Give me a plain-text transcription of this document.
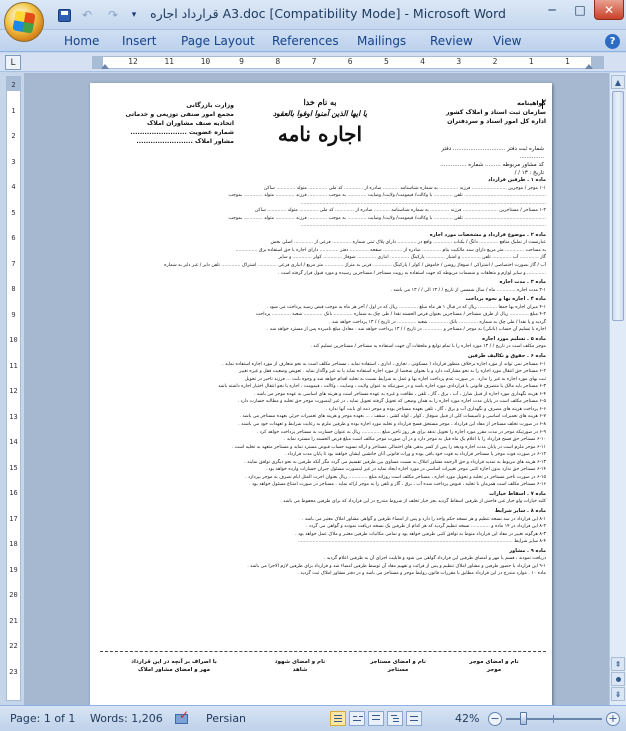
↶ ↷ ▾ قرارداد اجاره A3.doc [Compatibility Mode] - Microsoft Word	─ □ ✕
Home Insert Page Layout References Mailings Review View	?
L	12	11	10	9	8	7	6	5	4	3	2	1	1
2
1
2
3
4
5
6
7
8
9
10
11
12
13
14
15
16
17
18
19
20
21
22
23
گواهینامه
سازمان ثبت اسناد و املاک کشور
اداره کل امور اسناد و سردفتران
به نام خدا
یا ایها الذین آمنوا اوفوا بالعقود
اجاره نامه
وزارت بازرگانی
مجمع امور صنفی توزیعی و خدماتی
اتحادیه صنف مشاوران املاک
شماره عضویت ........................
مشاور املاک ........................
شماره ثبت دفتر .............................. دفتر ..............
کد مشاور مربوطه ......... شماره ...............
تاریخ : ۱۳ / /
ماده ۱ . طرفین قرارداد
۱-۱ موجر / موجرین ........................ فرزند ............. به شماره شناسنامه ........... صادره از ............. کد ملی ............. متولد ............. ساکن
........................................................ تلفن ............. با وکالت/ قیمومت/ ولایت/ وصایت ............. به موجب ............. فرزند ............. متولد ............. بموجب
........................................................................................................................................................................
۱-۲ مستاجر / مستاجرین ........................ فرزند ............. به شماره شناسنامه ........... صادره از ............. کد ملی ............. متولد ............. ساکن
........................................................ تلفن ............. با وکالت/ قیمومت/ ولایت/ وصایت ............. به موجب ............. فرزند ............. متولد ............. بموجب
........................................................................................................................................................................
ماده ۲ . موضوع قرارداد و مشخصات مورد اجاره
عبارتست از تملیک منافع ............. دانگ / یکباب ............. واقع در ............. دارای پلاک ثبتی شماره ............. فرعی از ............. اصلی بخش
به مساحت ............. متر مربع دارای سند مالکیت بنام ............. صادره از ............. صفحه ............. دفتر ............. دارای اجاره با حق استفاده برق ...............
گاز ............. آب ............. تلفن ............. و امتیاز ............. پارکینگ ............. انباری ............. شوفاژ ............. کولر ............. و سایر
آب / گاز بصورت اختصاصی / اشتراکی / شوفاژ روشن / خاموش / کولر / پارکینگ ............. قرنی به متراژ ............. متر مربع / انباری فرعی ............. اشتراک ............. تلفن دایر / غیر دایر به شماره
............. و سایر لوازم و متعلقات و منضمات مربوطه که جهت استفاده به رویت مستاجر / مستاجرین رسیده و مورد قبول قرار گرفته است .
ماده ۳ . مدت اجاره
۳-۱ مدت اجاره ............. ماه / سال شمسی از تاریخ / / ۱۳ الی / / ۱۳ می باشد .
ماده ۴ . اجاره بها و نحوه پرداخت
۴-۱ میزان اجاره بها جمعا ............. ریال که در قبال ۱ هر ماه مبلغ ............. ریال که در اول / آخر هر ماه به موجب قبض رسید پرداخت می شود .
۴-۲ مبلغ ............. ریال از طرف مستاجر / مستاجرین بعنوان قرض الحسنه نقدا / طی چک به شماره ............. بانک ............. شعبه ............. پرداخت
گردید و یا نقدا / طی چک به شماره ............. بانک ............. شعبه ............. در تاریخ / / ۱۳ پرداخت خواهد شد .
اجاره با تسلیم آن حساب (بانکی) به موجر / مستاجر و ............. در تاریخ / / ۱۳ پرداخت خواهد شد . معادل مبلغ نامبرده پس از مسترد خواهد شد .
ماده ۵ . تسلیم مورد اجاره
موجر مکلف است در تاریخ / / ۱۳ مورد اجاره را با تمام توابع و ملحقات آن جهت استفاده به مستاجر / مستاجرین تسلیم کند .
ماده ۶ . حقوق و تکالیف طرفین
۶-۱ مستاجر نمی تواند از مورد اجاره برخلاف منظور قرارداد ( مسکونی ، تجاری ، اداری ، استفاده نماید ، مستاجر مکلف است به نحو متعارف از مورد اجاره استفاده نماید .
۶-۲ مستاجر حق انتقال مورد اجاره را به نحو مشارکت دارد و یا بعنوان شخصا از مورد اجاره استفاده نماید یا به غیر واگذار نماید . تعویض وضعیت قفل و غیره تغییر
ثبت بهای مورد اجاره به غیر را ندارد . در صورت عدم پرداخت اجاره بها و عمل به شرایط نسبت به تخلیه اقدام خواهد شد و وجوه بابت ... فرزند تاخیر در تحویل
۶-۳ مستاجر باید مالک یا متصرف قانونی یا قراردادی مورد اجاره باشد و در صورتیکه به عنوان ولایت ، وصایت ، وکالت ، قیمومت ، اجاره یا نحو انتقال اختیار اجاره داشته باشد
۶-۴ هزینه نگهداری مورد اجاره از قبیل شارژ ، آب ، برق ، گاز ، تلفن ، نظافت و غیره به عهده مستاجر است و هزینه های اساسی به عهده موجر می باشد .
۶-۵ مستاجر مکلف است در پایان مدت اجاره مورد اجاره را به همان وضعی که تحویل گرفته تحویل نماید ، در غیر اینصورت موجر حق تخلیه و مطالبه خسارت دارد .
۶-۶ پرداخت هزینه های مصرف و نگهداری آب و برق ، گاز ، تلفن بعهده مستاجر بوده و موجر ذمه ای بابت آنها ندارد .
۶-۷ هزینه های تعمیرات اساسی و تاسیسات کلی از قبیل شوفاژ ، کولر ، لوله کشی ، سقف ، ... بعهده موجر و هزینه های تعمیرات جزئی بعهده مستاجر می باشد .
۶-۸ در صورت تخلف مستاجر از مفاد این قرارداد ، موجر مستحق فسخ قرارداد و تخلیه مورد اجاره بوده و طرفین ملزم به رعایت شرایط و تعهدات خود می باشند .
۶-۹ در صورتیکه موجر در مدت مقرر مورد اجاره را تحویل ندهد برای هر روز تاخیر مبلغ ............. ریال به عنوان خسارت به مستاجر پرداخت خواهد کرد .
۶-۱۰ مستاجر حق فسخ قرارداد را با اعلام یک ماه قبل به موجر دارد و در آن صورت موجر مکلف است مبلغ قرض الحسنه را مسترد نماید .
۶-۱۱ موجر ملزم است در پایان مدت اجاره ودیعه را پس از کسر بدهی های احتمالی مستاجر و ارائه تسویه حساب قبوض مسترد نماید و مستاجر متعهد به تخلیه است .
۶-۱۲ در صورت فوت موجر یا مستاجر قرارداد به قوت خود باقی بوده و وراث قانونی آنان جانشین ایشان خواهند بود تا پایان مدت قرارداد .
۶-۱۳ هزینه های مربوط به تمدید قرارداد و حق الزحمه مشاور املاک به نسبت مساوی بین طرفین تقسیم می گردد مگر آنکه طرفین به نحو دیگری توافق نمایند .
۶-۱۴ مستاجر حق ندارد بدون اجازه کتبی موجر تغییرات اساسی در مورد اجاره ایجاد نماید در غیر اینصورت مسئول جبران خسارات وارده خواهد بود .
۶-۱۵ در صورت تأخیر مستاجر در تخلیه و تحویل مورد اجاره ، مستاجر مکلف است روزانه مبلغ ............. ریال بعنوان اجرت المثل ایام تصرف به موجر بپردازد .
۶-۱۶ مستاجر مکلف است همزمان با تخلیه ، قبوض پرداخت شده آب ، برق ، گاز و تلفن را به موجر ارائه نماید . مستاجر در صورت امتناع مسئول خواهد بود .
ماده ۷ . اسقاط خیارات
کلیه خیارات ولو خیار غبن فاحش از طرفین اسقاط گردید بجز خیار تخلف از شروط مندرج در این قرارداد که برای طرفین محفوظ می باشد .
ماده ۸ . سایر شرایط
۸-۱ این قرارداد در سه نسخه تنظیم و هر نسخه حکم واحد را دارد و پس از امضاء طرفین و گواهی مشاور املاک معتبر می باشد .
۸-۲ این قرارداد در ۱۴ ماده و ............. نسخه تنظیم گردید که هر کدام از طرفین یک نسخه دریافت نمودند و گواهی می گردد .
۸-۳ هرگونه تغییر در مفاد این قرارداد منوط به توافق کتبی طرفین خواهد بود و تمامی مکاتبات طرفین معتبر و ملاک عمل خواهد بود .
۸-۴ ساير شرايط ...................................................................................................................................................
ماده ۹ . مشاور
دریافت نمودند ، قسم یا مهر و امضای طرفین این قرارداد گواهی می شود و قابلیت اجرای آن به طرفین اعلام گردید .
۹-۱ این قرارداد با حضور طرفین و مشاور املاک تنظیم و پس از قرائت و تفهیم مفاد آن توسط طرفین امضاء شد و قرارداد برای طرفین لازم الاجرا می باشد .
ماده ۱۰ . موارد مندرج در این قرارداد مطابق با مقررات قانون روابط موجر و مستاجر می باشد و در دفتر مشاور املاک ثبت گردید .
نام و امضای موجر
موجر
نام و امضای مستاجر
مستاجر
نام و امضای شهود
شاهد
با اصراف بر آنچه در این قرارداد
مهر و امضای مشاور املاک
▲
⇞
⇟
Page: 1 of 1 Words: 1,206 ✓ Persian	42% −	+
